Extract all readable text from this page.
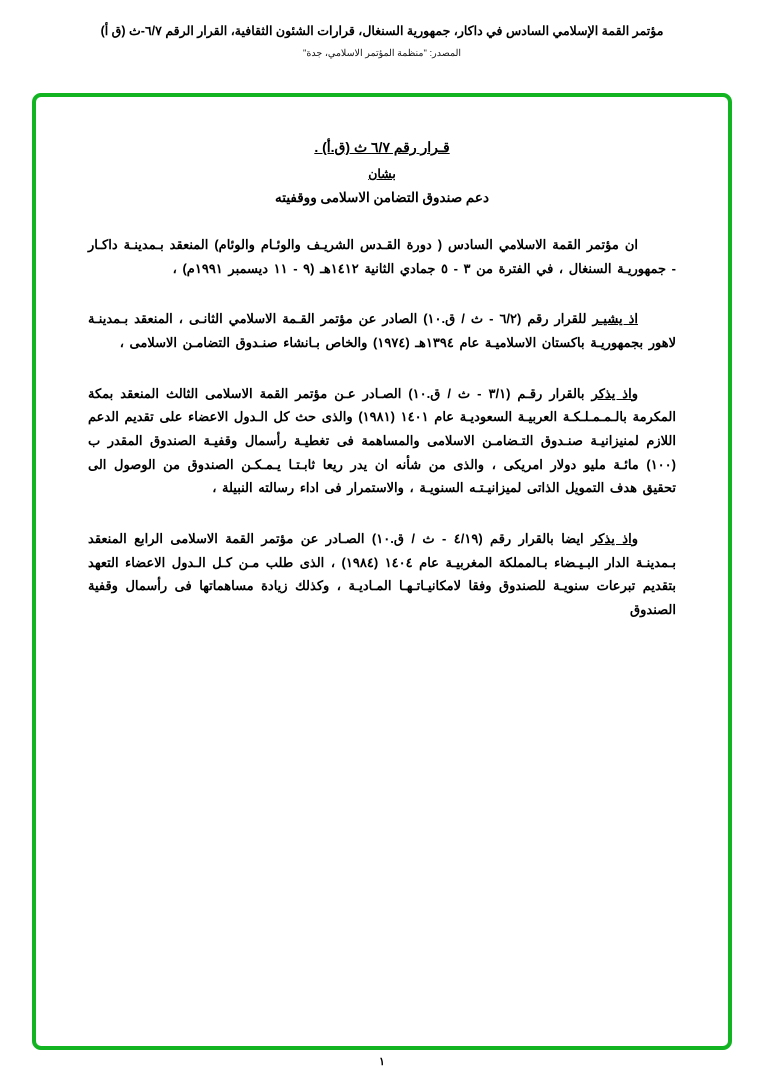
مؤتمر القمة الإسلامي السادس في داكار، جمهورية السنغال، قرارات الشئون الثقافية، القرار الرقم ٦/٧-ث (ق أ)
المصدر: "منظمة المؤتمر الاسلامي، جدة"
قـرار رقم ٦/٧ ث (ق.أ) .
بشان
دعم صندوق التضامن الاسلامى ووقفيته
ان مؤتمر القمة الاسلامي السادس ( دورة القـدس الشريـف والوئـام والوئام) المنعقد بـمدينـة داكـار - جمهوريـة السنغال ، في الفترة من ٣ - ٥ جمادي الثانية ١٤١٢هـ (٩ - ١١ ديسمبر ١٩٩١م) ،
اذ يشيـر للقرار رقم (٦/٢ - ث / ق.١٠) الصادر عن مؤتمر القـمة الاسلامي الثانـى ، المنعقد بـمدينـة لاهور بجمهوريـة باكستان الاسلاميـة عام ١٣٩٤هـ (١٩٧٤) والخاص بـانشاء صنـدوق التضامـن الاسلامى ،
واذ يذكر بالقرار رقـم (٣/١ - ث / ق.١٠) الصـادر عـن مؤتمر القمة الاسلامى الثالث المنعقد بمكة المكرمة بالـمـمـلـكـة العربيـة السعوديـة عام ١٤٠١ (١٩٨١) والذى حث كل الـدول الاعضاء على تقديم الدعم اللازم لمنيزانيـة صنـدوق التـضامـن الاسلامى والمساهمة فى تغطيـة رأسمال وقفيـة الصندوق المقدر ب (١٠٠) مائـة مليو دولار امريكى ، والذى من شأنه ان يدر ريعا ثابـتـا يـمـكـن الصندوق من الوصول الى تحقيق هدف التمويل الذاتى لميزانيـتـه السنويـة ، والاستمرار فى اداء رسالته النبيلة ،
واذ يذكر ايضا بالقرار رقم (٤/١٩ - ث / ق.١٠) الصـادر عن مؤتمر القمة الاسلامى الرابع المنعقد بـمدينـة الدار البـيـضاء بـالمملكة المغربيـة عام ١٤٠٤ (١٩٨٤) ، الذى طلب مـن كـل الـدول الاعضاء التعهد بتقديم تبرعات سنويـة للصندوق وفقا لامكانيـاتـهـا المـاديـة ، وكذلك زيادة مساهماتها فى رأسمال وقفية الصندوق
١
